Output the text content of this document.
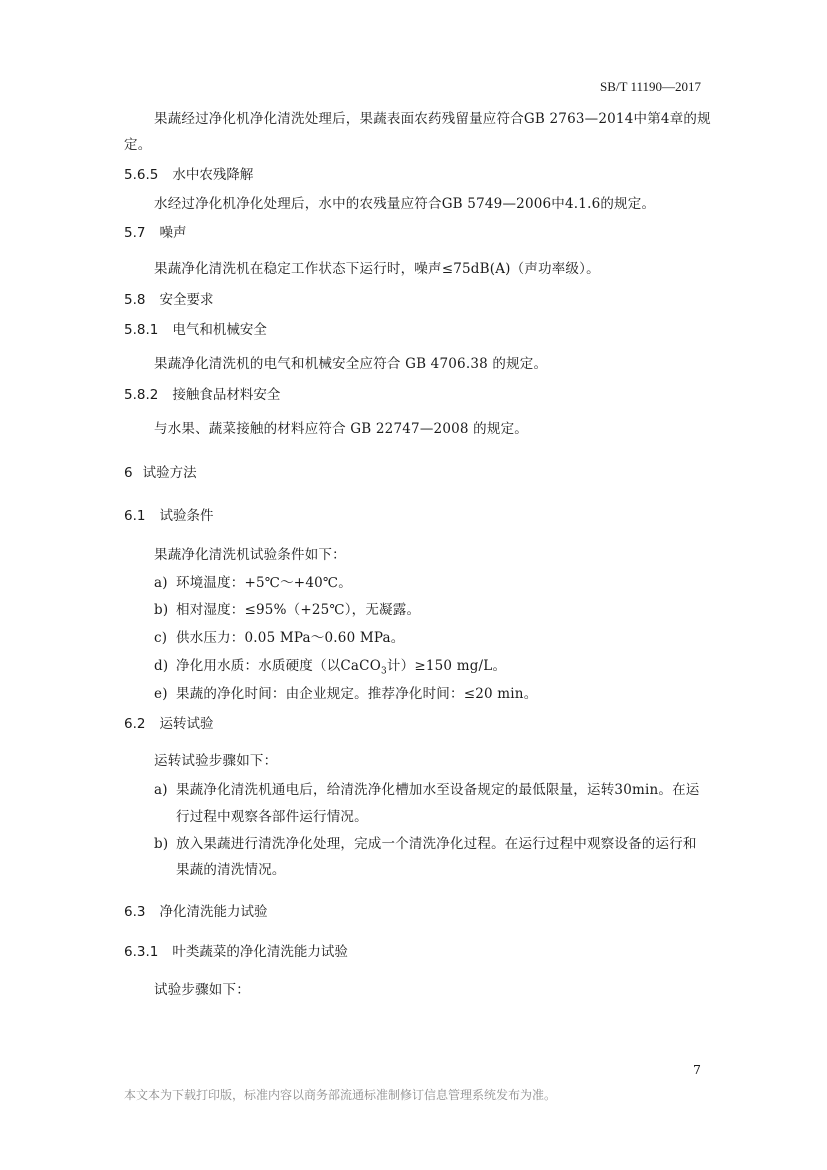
SB/T 11190—2017
果蔬经过净化机净化清洗处理后，果蔬表面农药残留量应符合GB 2763—2014中第4章的规
定。
5.6.5 水中农残降解
水经过净化机净化处理后，水中的农残量应符合GB 5749—2006中4.1.6的规定。
5.7 噪声
果蔬净化清洗机在稳定工作状态下运行时，噪声≤75dB(A)（声功率级）。
5.8 安全要求
5.8.1 电气和机械安全
果蔬净化清洗机的电气和机械安全应符合 GB 4706.38 的规定。
5.8.2 接触食品材料安全
与水果、蔬菜接触的材料应符合 GB 22747—2008 的规定。
6 试验方法
6.1 试验条件
果蔬净化清洗机试验条件如下：
a) 环境温度：+5℃～+40℃。
b) 相对湿度：≤95%（+25℃），无凝露。
c) 供水压力：0.05 MPa～0.60 MPa。
d) 净化用水质：水质硬度（以CaCO$_3$计）≥150 mg/L。
e) 果蔬的净化时间：由企业规定。推荐净化时间：≤20 min。
6.2 运转试验
运转试验步骤如下：
a) 果蔬净化清洗机通电后，给清洗净化槽加水至设备规定的最低限量，运转30min。在运
行过程中观察各部件运行情况。
b) 放入果蔬进行清洗净化处理，完成一个清洗净化过程。在运行过程中观察设备的运行和
果蔬的清洗情况。
6.3 净化清洗能力试验
6.3.1 叶类蔬菜的净化清洗能力试验
试验步骤如下：
7
本文本为下载打印版，标准内容以商务部流通标准制修订信息管理系统发布为准。
